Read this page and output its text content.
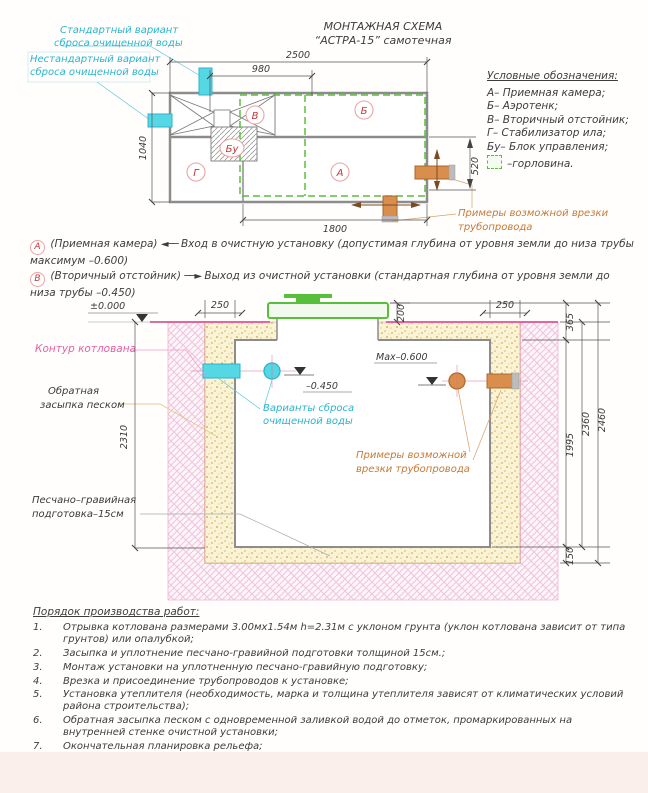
2500
980
1040
520
1800
В	Б
Бу
Г	А
Примеры возможной врезки
трубопровода
±0.000
–0.450
Варианты сброса
очищенной воды
Max–0.600
Примеры возможной
врезки трубопровода
Контур котлована
Обратная
засыпка песком
Песчано–гравийная
подготовка–15см
250	250
200	365
1995
2360 2460
2310
150
МОНТАЖНАЯ СХЕМА
“АСТРА-15” самотечная
Стандартный вариант
сброса очищенной воды
Нестандартный вариант
сброса очищенной воды	Условные обозначения:
А– Приемная камера;
Б– Аэротенк;
В– Вторичный отстойник;
Г– Стабилизатор ила;
Бу– Блок управления;
–горловина.

А (Приемная камера) ◄── Вход в очистную установку (допустимая глубина от уровня земли до низа трубы максимум –0.600)

В (Вторичный отстойник) ──► Выход из очистной установки (стандартная глубина от уровня земли до низа трубы –0.450)

Порядок производства работ:
1.	Отрывка котлована размерами 3.00мх1.54м h=2.31м с уклоном грунта (уклон котлована зависит от типа грунтов) или опалубкой;
2.	Засыпка и уплотнение песчано-гравийной подготовки толщиной 15см.;
3.	Монтаж установки на уплотненную песчано-гравийную подготовку;
4.	Врезка и присоединение трубопроводов к установке;
5.	Установка утеплителя (необходимость, марка и толщина утеплителя зависят от климатических условий района строительства);
6.	Обратная засыпка песком с одновременной заливкой водой до отметок, промаркированных на внутренней стенке очистной установки;
7.	Окончательная планировка рельефа;
